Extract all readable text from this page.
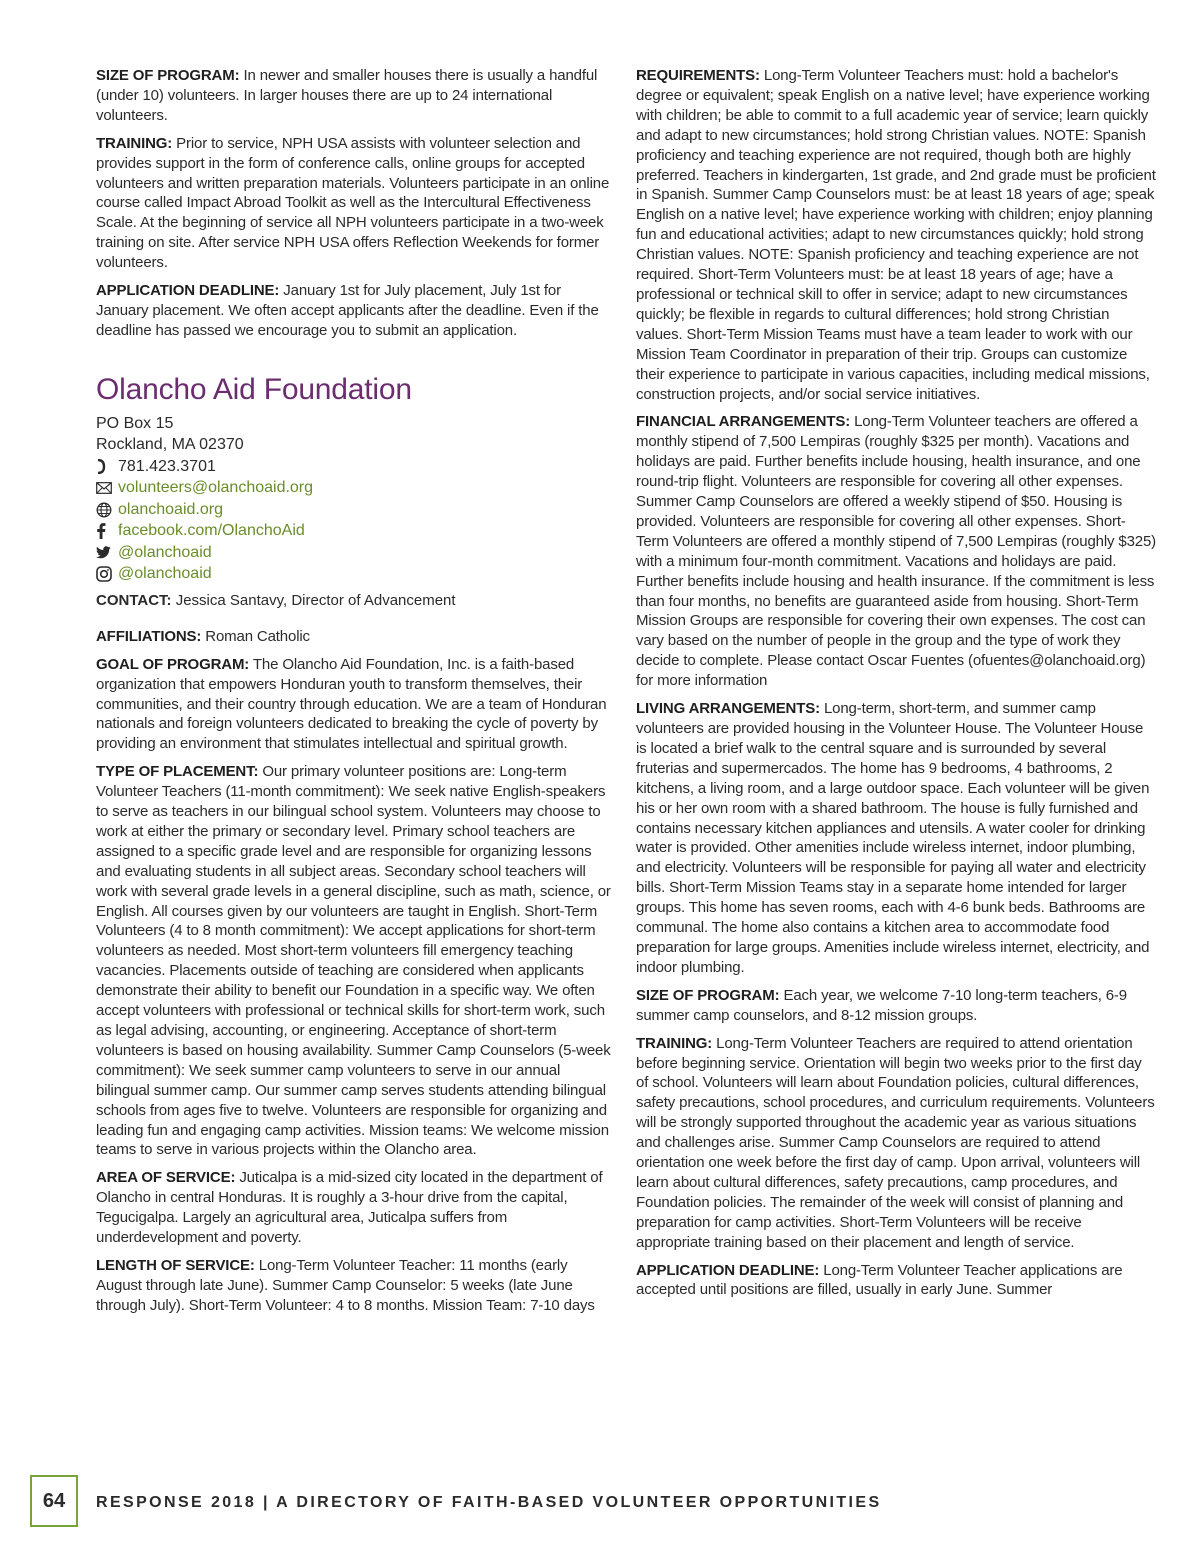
SIZE OF PROGRAM: In newer and smaller houses there is usually a handful (under 10) volunteers. In larger houses there are up to 24 international volunteers.

TRAINING: Prior to service, NPH USA assists with volunteer selection and provides support in the form of conference calls, online groups for accepted volunteers and written preparation materials. Volunteers participate in an online course called Impact Abroad Toolkit as well as the Intercultural Effectiveness Scale. At the beginning of service all NPH volunteers participate in a two-week training on site. After service NPH USA offers Reflection Weekends for former volunteers.

APPLICATION DEADLINE: January 1st for July placement, July 1st for January placement. We often accept applicants after the deadline. Even if the deadline has passed we encourage you to submit an application.

Olancho Aid Foundation

PO Box 15

Rockland, MA 02370

781.423.3701
volunteers@olanchoaid.org
olanchoaid.org
facebook.com/OlanchoAid
@olanchoaid
@olanchoaid

CONTACT: Jessica Santavy, Director of Advancement

AFFILIATIONS: Roman Catholic

GOAL OF PROGRAM: The Olancho Aid Foundation, Inc. is a faith-based organization that empowers Honduran youth to transform themselves, their communities, and their country through education. We are a team of Honduran nationals and foreign volunteers dedicated to breaking the cycle of poverty by providing an environment that stimulates intellectual and spiritual growth.

TYPE OF PLACEMENT: Our primary volunteer positions are: Long-term Volunteer Teachers (11-month commitment): We seek native English-speakers to serve as teachers in our bilingual school system. Volunteers may choose to work at either the primary or secondary level. Primary school teachers are assigned to a specific grade level and are responsible for organizing lessons and evaluating students in all subject areas. Secondary school teachers will work with several grade levels in a general discipline, such as math, science, or English. All courses given by our volunteers are taught in English. Short-Term Volunteers (4 to 8 month commitment): We accept applications for short-term volunteers as needed. Most short-term volunteers fill emergency teaching vacancies. Placements outside of teaching are considered when applicants demonstrate their ability to benefit our Foundation in a specific way. We often accept volunteers with professional or technical skills for short-term work, such as legal advising, accounting, or engineering. Acceptance of short-term volunteers is based on housing availability. Summer Camp Counselors (5-week commitment): We seek summer camp volunteers to serve in our annual bilingual summer camp. Our summer camp serves students attending bilingual schools from ages five to twelve. Volunteers are responsible for organizing and leading fun and engaging camp activities. Mission teams: We welcome mission teams to serve in various projects within the Olancho area.

AREA OF SERVICE: Juticalpa is a mid-sized city located in the department of Olancho in central Honduras. It is roughly a 3-hour drive from the capital, Tegucigalpa. Largely an agricultural area, Juticalpa suffers from underdevelopment and poverty.

LENGTH OF SERVICE: Long-Term Volunteer Teacher: 11 months (early August through late June). Summer Camp Counselor: 5 weeks (late June through July). Short-Term Volunteer: 4 to 8 months. Mission Team: 7-10 days

REQUIREMENTS: Long-Term Volunteer Teachers must: hold a bachelor's degree or equivalent; speak English on a native level; have experience working with children; be able to commit to a full academic year of service; learn quickly and adapt to new circumstances; hold strong Christian values. NOTE: Spanish proficiency and teaching experience are not required, though both are highly preferred. Teachers in kindergarten, 1st grade, and 2nd grade must be proficient in Spanish. Summer Camp Counselors must: be at least 18 years of age; speak English on a native level; have experience working with children; enjoy planning fun and educational activities; adapt to new circumstances quickly; hold strong Christian values. NOTE: Spanish proficiency and teaching experience are not required. Short-Term Volunteers must: be at least 18 years of age; have a professional or technical skill to offer in service; adapt to new circumstances quickly; be flexible in regards to cultural differences; hold strong Christian values. Short-Term Mission Teams must have a team leader to work with our Mission Team Coordinator in preparation of their trip. Groups can customize their experience to participate in various capacities, including medical missions, construction projects, and/or social service initiatives.

FINANCIAL ARRANGEMENTS: Long-Term Volunteer teachers are offered a monthly stipend of 7,500 Lempiras (roughly $325 per month). Vacations and holidays are paid. Further benefits include housing, health insurance, and one round-trip flight. Volunteers are responsible for covering all other expenses. Summer Camp Counselors are offered a weekly stipend of $50. Housing is provided. Volunteers are responsible for covering all other expenses. Short-Term Volunteers are offered a monthly stipend of 7,500 Lempiras (roughly $325) with a minimum four-month commitment. Vacations and holidays are paid. Further benefits include housing and health insurance. If the commitment is less than four months, no benefits are guaranteed aside from housing. Short-Term Mission Groups are responsible for covering their own expenses. The cost can vary based on the number of people in the group and the type of work they decide to complete. Please contact Oscar Fuentes (ofuentes@olanchoaid.org) for more information

LIVING ARRANGEMENTS: Long-term, short-term, and summer camp volunteers are provided housing in the Volunteer House. The Volunteer House is located a brief walk to the central square and is surrounded by several fruterias and supermercados. The home has 9 bedrooms, 4 bathrooms, 2 kitchens, a living room, and a large outdoor space. Each volunteer will be given his or her own room with a shared bathroom. The house is fully furnished and contains necessary kitchen appliances and utensils. A water cooler for drinking water is provided. Other amenities include wireless internet, indoor plumbing, and electricity. Volunteers will be responsible for paying all water and electricity bills. Short-Term Mission Teams stay in a separate home intended for larger groups. This home has seven rooms, each with 4-6 bunk beds. Bathrooms are communal. The home also contains a kitchen area to accommodate food preparation for large groups. Amenities include wireless internet, electricity, and indoor plumbing.

SIZE OF PROGRAM: Each year, we welcome 7-10 long-term teachers, 6-9 summer camp counselors, and 8-12 mission groups.

TRAINING: Long-Term Volunteer Teachers are required to attend orientation before beginning service. Orientation will begin two weeks prior to the first day of school. Volunteers will learn about Foundation policies, cultural differences, safety precautions, school procedures, and curriculum requirements. Volunteers will be strongly supported throughout the academic year as various situations and challenges arise. Summer Camp Counselors are required to attend orientation one week before the first day of camp. Upon arrival, volunteers will learn about cultural differences, safety precautions, camp procedures, and Foundation policies. The remainder of the week will consist of planning and preparation for camp activities. Short-Term Volunteers will be receive appropriate training based on their placement and length of service.

APPLICATION DEADLINE: Long-Term Volunteer Teacher applications are accepted until positions are filled, usually in early June. Summer

64 RESPONSE 2018 | A DIRECTORY OF FAITH-BASED VOLUNTEER OPPORTUNITIES
